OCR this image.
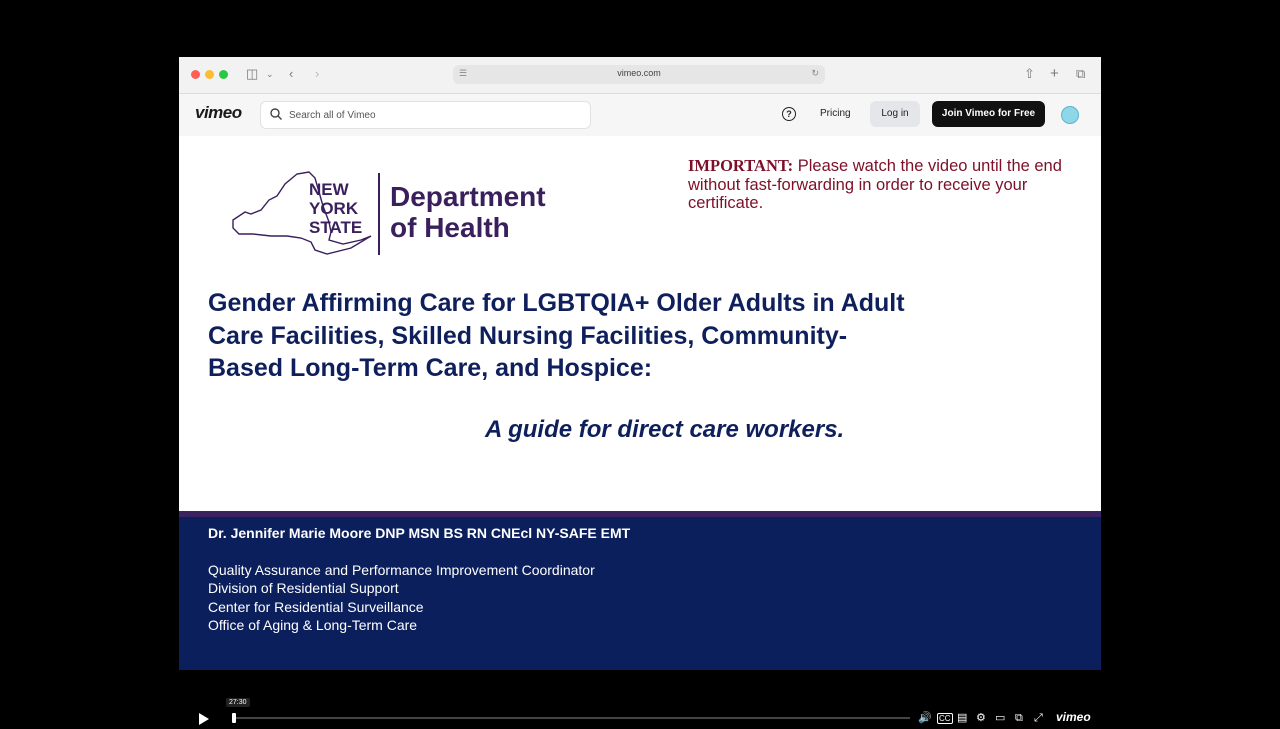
◫ ⌄ ‹ ›	☰	vimeo.com	↻	⇧ + ⧉
vimeo
Search all of Vimeo	?	Pricing	Log in	Join Vimeo for Free
NEW
YORK
STATE
Department
of Health
IMPORTANT: Please watch the video until the end without fast-forwarding in order to receive your certificate.
Gender Affirming Care for LGBTQIA+ Older Adults in Adult
Care Facilities, Skilled Nursing Facilities, Community-
Based Long-Term Care, and Hospice:
A guide for direct care workers.
Dr. Jennifer Marie Moore DNP MSN BS RN CNEcl NY-SAFE EMT
Quality Assurance and Performance Improvement Coordinator
Division of Residential Support
Center for Residential Surveillance
Office of Aging & Long-Term Care
27:30
🔊 CC ▤ ⚙ ▭ ⧉ ⤢ vimeo
